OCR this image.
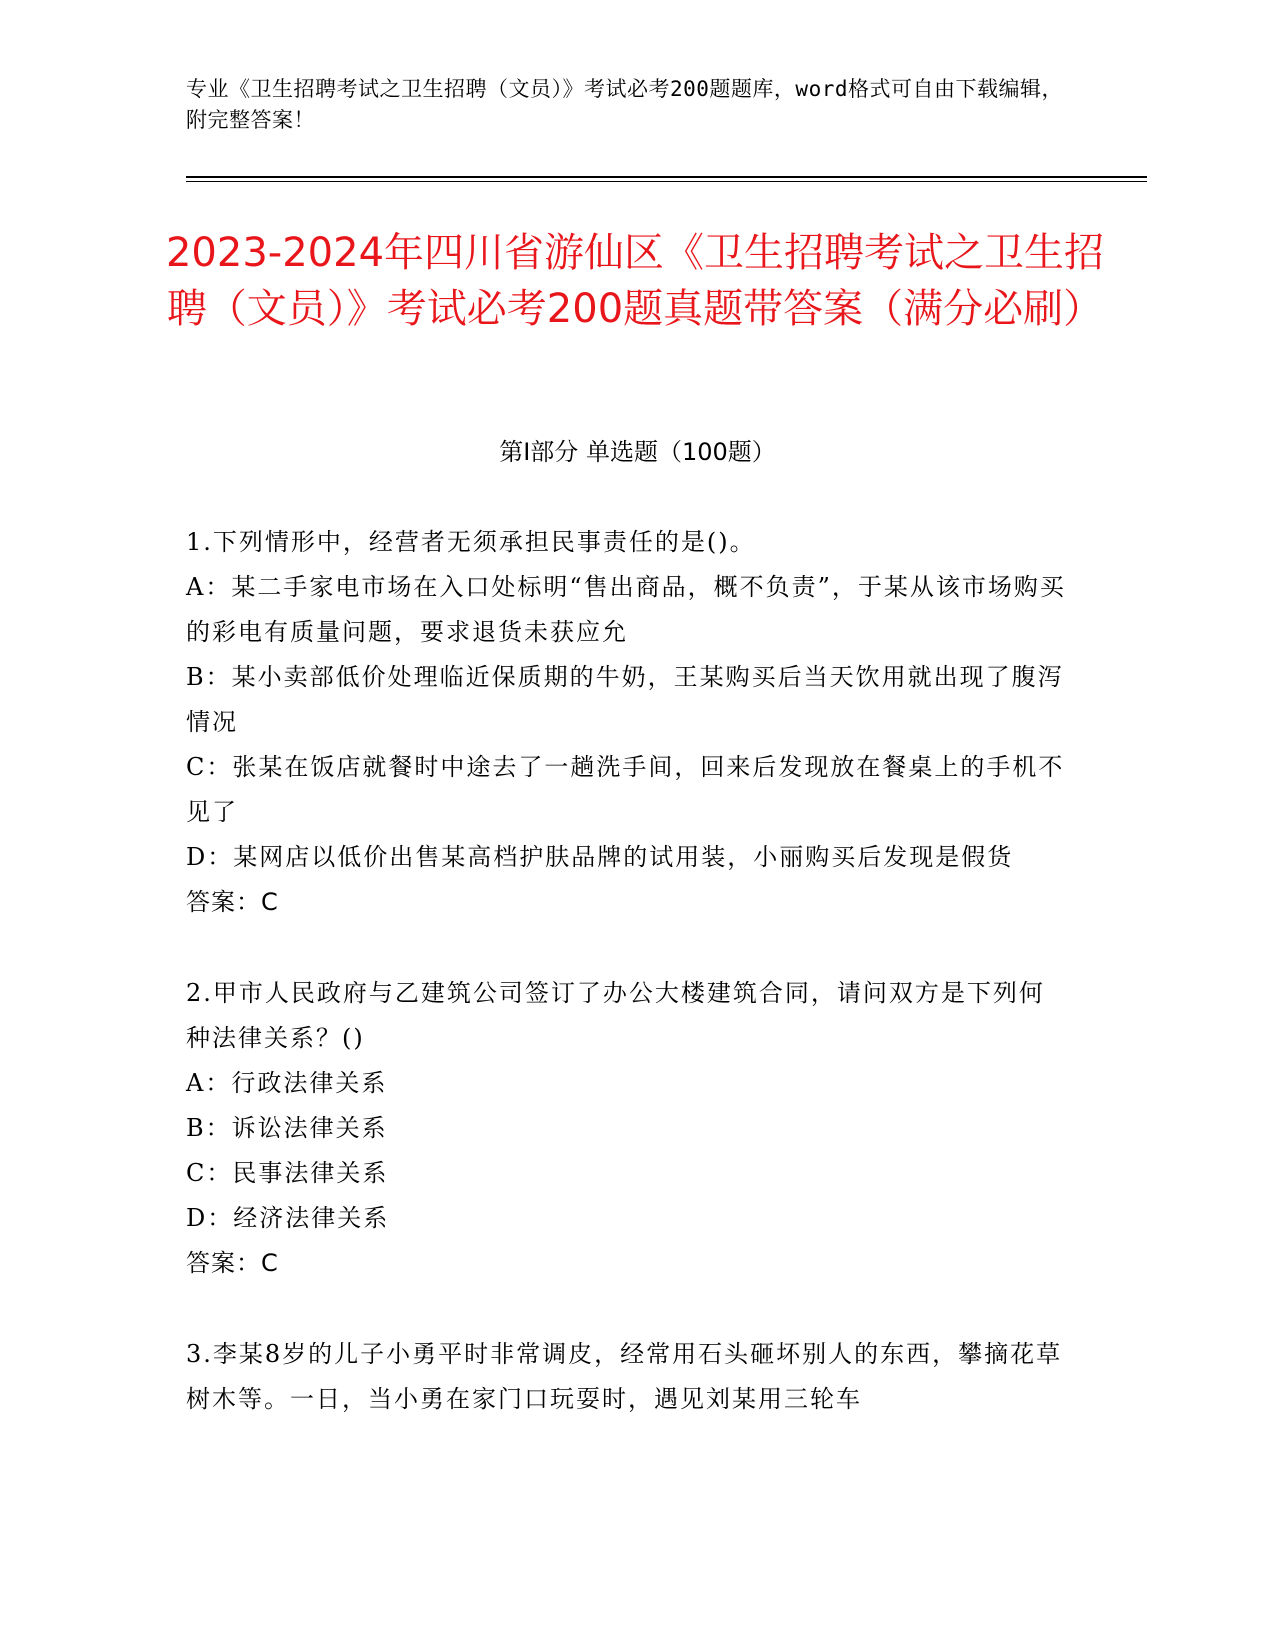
专业《卫生招聘考试之卫生招聘（文员）》考试必考200题题库，word格式可自由下载编辑，附完整答案！
2023-2024年四川省游仙区《卫生招聘考试之卫生招聘（文员）》考试必考200题真题带答案（满分必刷）
第Ⅰ部分 单选题（100题）
1.下列情形中，经营者无须承担民事责任的是()。
A：某二手家电市场在入口处标明“售出商品，概不负责”，于某从该市场购买的彩电有质量问题，要求退货未获应允
B：某小卖部低价处理临近保质期的牛奶，王某购买后当天饮用就出现了腹泻情况
C：张某在饭店就餐时中途去了一趟洗手间，回来后发现放在餐桌上的手机不见了
D：某网店以低价出售某高档护肤品牌的试用装，小丽购买后发现是假货
答案：C
2.甲市人民政府与乙建筑公司签订了办公大楼建筑合同，请问双方是下列何种法律关系？()
A：行政法律关系
B：诉讼法律关系
C：民事法律关系
D：经济法律关系
答案：C
3.李某8岁的儿子小勇平时非常调皮，经常用石头砸坏别人的东西，攀摘花草树木等。一日，当小勇在家门口玩耍时，遇见刘某用三轮车
